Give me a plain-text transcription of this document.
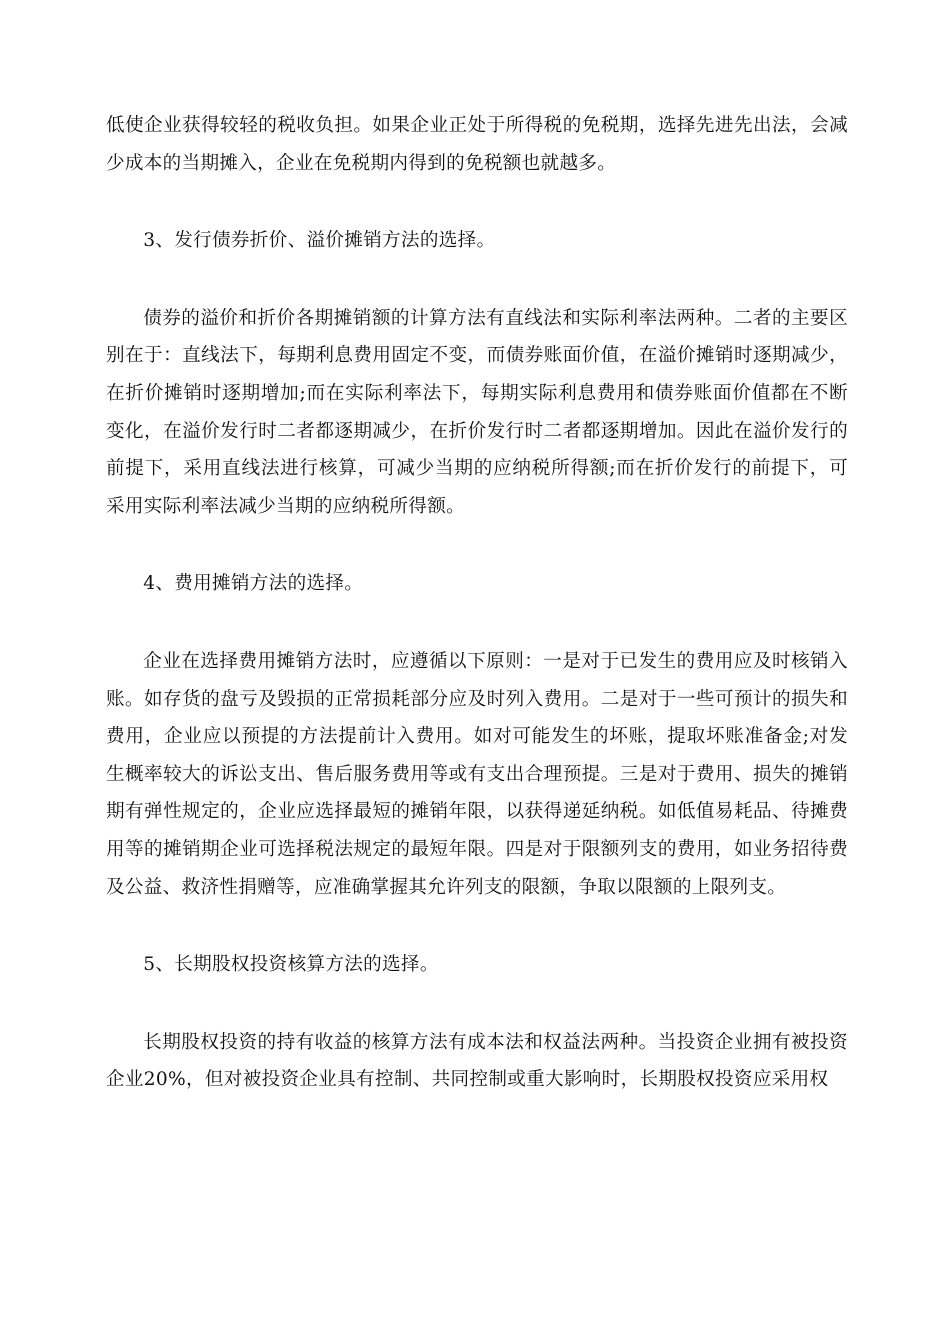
低使企业获得较轻的税收负担。如果企业正处于所得税的免税期，选择先进先出法，会减少成本的当期摊入，企业在免税期内得到的免税额也就越多。

3、发行债券折价、溢价摊销方法的选择。

债券的溢价和折价各期摊销额的计算方法有直线法和实际利率法两种。二者的主要区别在于：直线法下，每期利息费用固定不变，而债券账面价值，在溢价摊销时逐期减少，在折价摊销时逐期增加;而在实际利率法下，每期实际利息费用和债券账面价值都在不断变化，在溢价发行时二者都逐期减少，在折价发行时二者都逐期增加。因此在溢价发行的前提下，采用直线法进行核算，可减少当期的应纳税所得额;而在折价发行的前提下，可采用实际利率法减少当期的应纳税所得额。

4、费用摊销方法的选择。

企业在选择费用摊销方法时，应遵循以下原则：一是对于已发生的费用应及时核销入账。如存货的盘亏及毁损的正常损耗部分应及时列入费用。二是对于一些可预计的损失和费用，企业应以预提的方法提前计入费用。如对可能发生的坏账，提取坏账准备金;对发生概率较大的诉讼支出、售后服务费用等或有支出合理预提。三是对于费用、损失的摊销期有弹性规定的，企业应选择最短的摊销年限，以获得递延纳税。如低值易耗品、待摊费用等的摊销期企业可选择税法规定的最短年限。四是对于限额列支的费用，如业务招待费及公益、救济性捐赠等，应准确掌握其允许列支的限额，争取以限额的上限列支。

5、长期股权投资核算方法的选择。

长期股权投资的持有收益的核算方法有成本法和权益法两种。当投资企业拥有被投资企业20%，但对被投资企业具有控制、共同控制或重大影响时，长期股权投资应采用权
